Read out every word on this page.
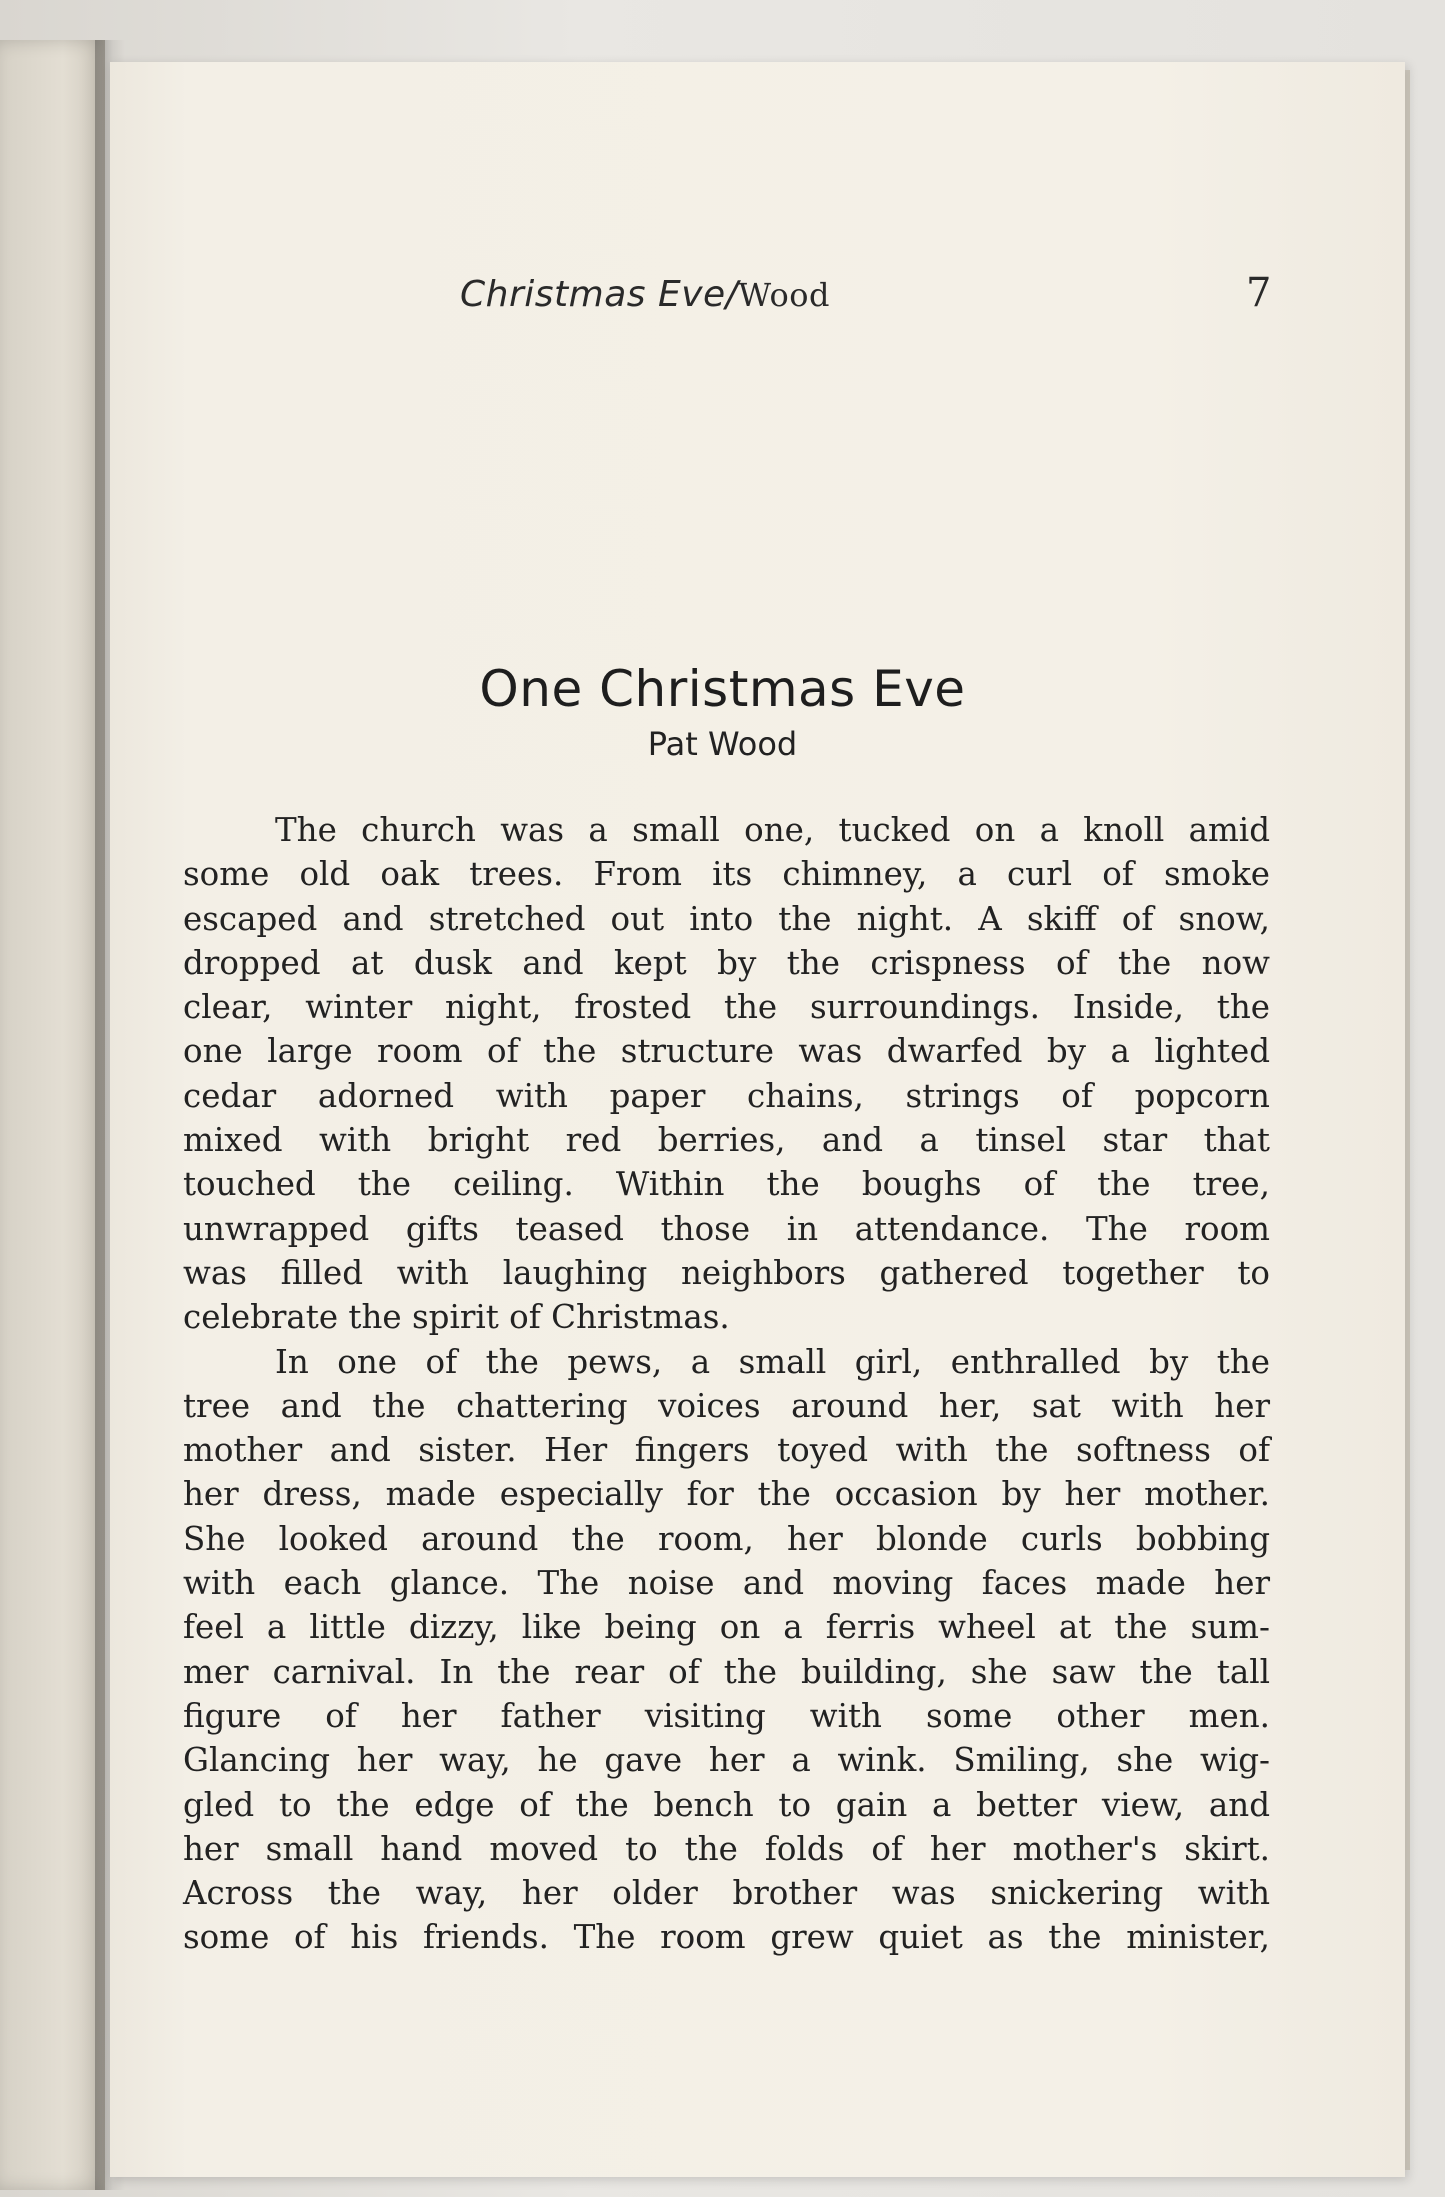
Christmas Eve/Wood	7
One Christmas Eve
Pat Wood
The church was a small one, tucked on a knoll amid
some old oak trees. From its chimney, a curl of smoke
escaped and stretched out into the night. A skiff of snow,
dropped at dusk and kept by the crispness of the now
clear, winter night, frosted the surroundings. Inside, the
one large room of the structure was dwarfed by a lighted
cedar adorned with paper chains, strings of popcorn
mixed with bright red berries, and a tinsel star that
touched the ceiling. Within the boughs of the tree,
unwrapped gifts teased those in attendance. The room
was filled with laughing neighbors gathered together to
celebrate the spirit of Christmas.
In one of the pews, a small girl, enthralled by the
tree and the chattering voices around her, sat with her
mother and sister. Her fingers toyed with the softness of
her dress, made especially for the occasion by her mother.
She looked around the room, her blonde curls bobbing
with each glance. The noise and moving faces made her
feel a little dizzy, like being on a ferris wheel at the sum-
mer carnival. In the rear of the building, she saw the tall
figure of her father visiting with some other men.
Glancing her way, he gave her a wink. Smiling, she wig-
gled to the edge of the bench to gain a better view, and
her small hand moved to the folds of her mother's skirt.
Across the way, her older brother was snickering with
some of his friends. The room grew quiet as the minister,
